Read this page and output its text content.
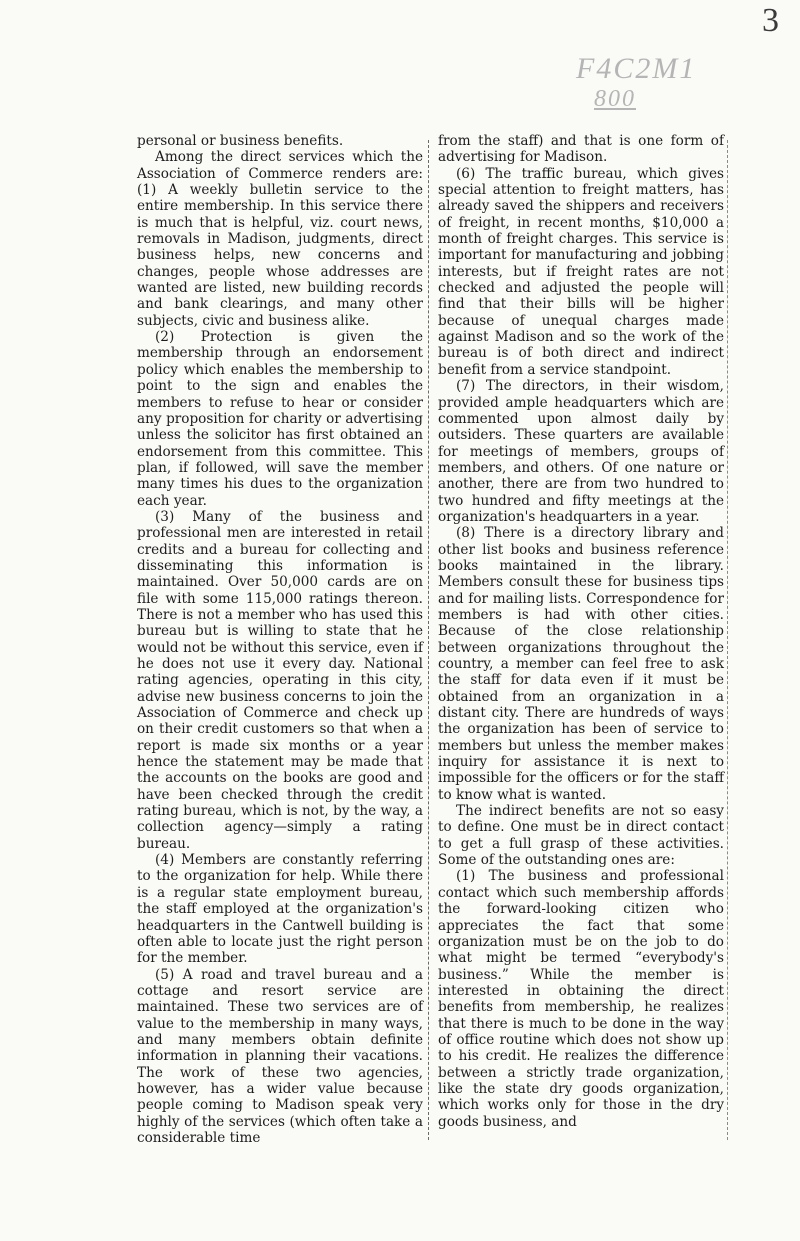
3
F4C2M1
800

personal or business benefits.

Among the direct services which the Association of Commerce renders are: (1) A weekly bulletin service to the entire membership. In this service there is much that is helpful, viz. court news, removals in Madison, judgments, direct business helps, new concerns and changes, people whose addresses are wanted are listed, new building records and bank clearings, and many other subjects, civic and business alike.

(2) Protection is given the membership through an endorsement policy which enables the membership to point to the sign and enables the members to refuse to hear or consider any proposition for charity or advertising unless the solicitor has first obtained an endorsement from this committee. This plan, if followed, will save the member many times his dues to the organization each year.

(3) Many of the business and professional men are interested in retail credits and a bureau for collecting and disseminating this information is maintained. Over 50,000 cards are on file with some 115,000 ratings thereon. There is not a member who has used this bureau but is willing to state that he would not be without this service, even if he does not use it every day. National rating agencies, operating in this city, advise new business concerns to join the Association of Commerce and check up on their credit customers so that when a report is made six months or a year hence the statement may be made that the accounts on the books are good and have been checked through the credit rating bureau, which is not, by the way, a collection agency—simply a rating bureau.

(4) Members are constantly referring to the organization for help. While there is a regular state employment bureau, the staff employed at the organization's headquarters in the Cantwell building is often able to locate just the right person for the member.

(5) A road and travel bureau and a cottage and resort service are maintained. These two services are of value to the membership in many ways, and many members obtain definite information in planning their vacations. The work of these two agencies, however, has a wider value because people coming to Madison speak very highly of the services (which often take a considerable time

from the staff) and that is one form of advertising for Madison.

(6) The traffic bureau, which gives special attention to freight matters, has already saved the shippers and receivers of freight, in recent months, $10,000 a month of freight charges. This service is important for manufacturing and jobbing interests, but if freight rates are not checked and adjusted the people will find that their bills will be higher because of unequal charges made against Madison and so the work of the bureau is of both direct and indirect benefit from a service standpoint.

(7) The directors, in their wisdom, provided ample headquarters which are commented upon almost daily by outsiders. These quarters are available for meetings of members, groups of members, and others. Of one nature or another, there are from two hundred to two hundred and fifty meetings at the organization's headquarters in a year.

(8) There is a directory library and other list books and business reference books maintained in the library. Members consult these for business tips and for mailing lists. Correspondence for members is had with other cities. Because of the close relationship between organizations throughout the country, a member can feel free to ask the staff for data even if it must be obtained from an organization in a distant city. There are hundreds of ways the organization has been of service to members but unless the member makes inquiry for assistance it is next to impossible for the officers or for the staff to know what is wanted.

The indirect benefits are not so easy to define. One must be in direct contact to get a full grasp of these activities. Some of the outstanding ones are:

(1) The business and professional contact which such membership affords the forward-looking citizen who appreciates the fact that some organization must be on the job to do what might be termed “everybody's business.” While the member is interested in obtaining the direct benefits from membership, he realizes that there is much to be done in the way of office routine which does not show up to his credit. He realizes the difference between a strictly trade organization, like the state dry goods organization, which works only for those in the dry goods business, and
